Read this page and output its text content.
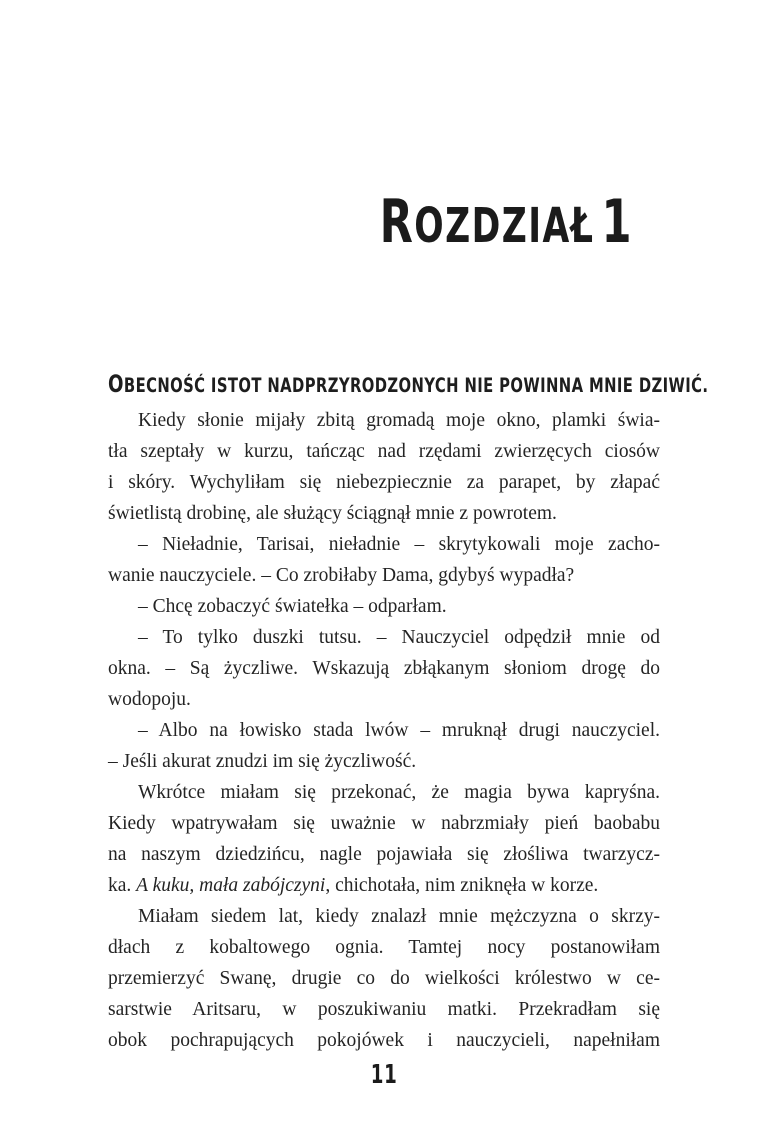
ROZDZIAŁ 1
OBECNOŚĆ ISTOT NADPRZYRODZONYCH NIE POWINNA MNIE DZIWIĆ.
Kiedy słonie mijały zbitą gromadą moje okno, plamki świa-
tła szeptały w kurzu, tańcząc nad rzędami zwierzęcych ciosów
i skóry. Wychyliłam się niebezpiecznie za parapet, by złapać
świetlistą drobinę, ale służący ściągnął mnie z powrotem.
– Nieładnie, Tarisai, nieładnie – skrytykowali moje zacho-
wanie nauczyciele. – Co zrobiłaby Dama, gdybyś wypadła?
– Chcę zobaczyć światełka – odparłam.
– To tylko duszki tutsu. – Nauczyciel odpędził mnie od
okna. – Są życzliwe. Wskazują zbłąkanym słoniom drogę do
wodopoju.
– Albo na łowisko stada lwów – mruknął drugi nauczyciel.
– Jeśli akurat znudzi im się życzliwość.
Wkrótce miałam się przekonać, że magia bywa kapryśna.
Kiedy wpatrywałam się uważnie w nabrzmiały pień baobabu
na naszym dziedzińcu, nagle pojawiała się złośliwa twarzycz-
ka. A kuku, mała zabójczyni, chichotała, nim zniknęła w korze.
Miałam siedem lat, kiedy znalazł mnie mężczyzna o skrzy-
dłach z kobaltowego ognia. Tamtej nocy postanowiłam
przemierzyć Swanę, drugie co do wielkości królestwo w ce-
sarstwie Aritsaru, w poszukiwaniu matki. Przekradłam się
obok pochrapujących pokojówek i nauczycieli, napełniłam
11
